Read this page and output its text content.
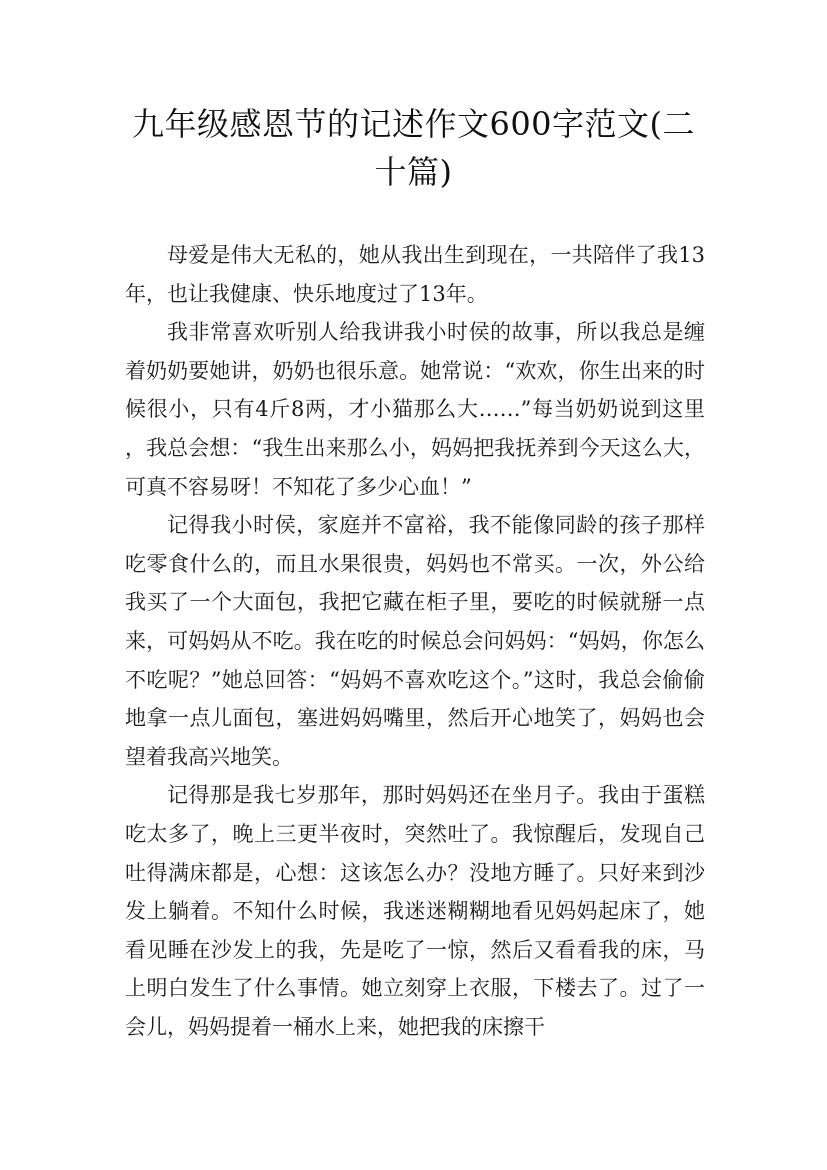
九年级感恩节的记述作文600字范文(二十篇)

母爱是伟大无私的，她从我出生到现在，一共陪伴了我13年，也让我健康、快乐地度过了13年。

我非常喜欢听别人给我讲我小时侯的故事，所以我总是缠着奶奶要她讲，奶奶也很乐意。她常说：“欢欢，你生出来的时候很小，只有4斤8两，才小猫那么大……”每当奶奶说到这里，我总会想：“我生出来那么小，妈妈把我抚养到今天这么大，可真不容易呀！不知花了多少心血！”

记得我小时侯，家庭并不富裕，我不能像同龄的孩子那样吃零食什么的，而且水果很贵，妈妈也不常买。一次，外公给我买了一个大面包，我把它藏在柜子里，要吃的时候就掰一点来，可妈妈从不吃。我在吃的时候总会问妈妈：“妈妈，你怎么不吃呢？”她总回答：“妈妈不喜欢吃这个。”这时，我总会偷偷地拿一点儿面包，塞进妈妈嘴里，然后开心地笑了，妈妈也会望着我高兴地笑。

记得那是我七岁那年，那时妈妈还在坐月子。我由于蛋糕吃太多了，晚上三更半夜时，突然吐了。我惊醒后，发现自己吐得满床都是，心想：这该怎么办？没地方睡了。只好来到沙发上躺着。不知什么时候，我迷迷糊糊地看见妈妈起床了，她看见睡在沙发上的我，先是吃了一惊，然后又看看我的床，马上明白发生了什么事情。她立刻穿上衣服，下楼去了。过了一会儿，妈妈提着一桶水上来，她把我的床擦干
